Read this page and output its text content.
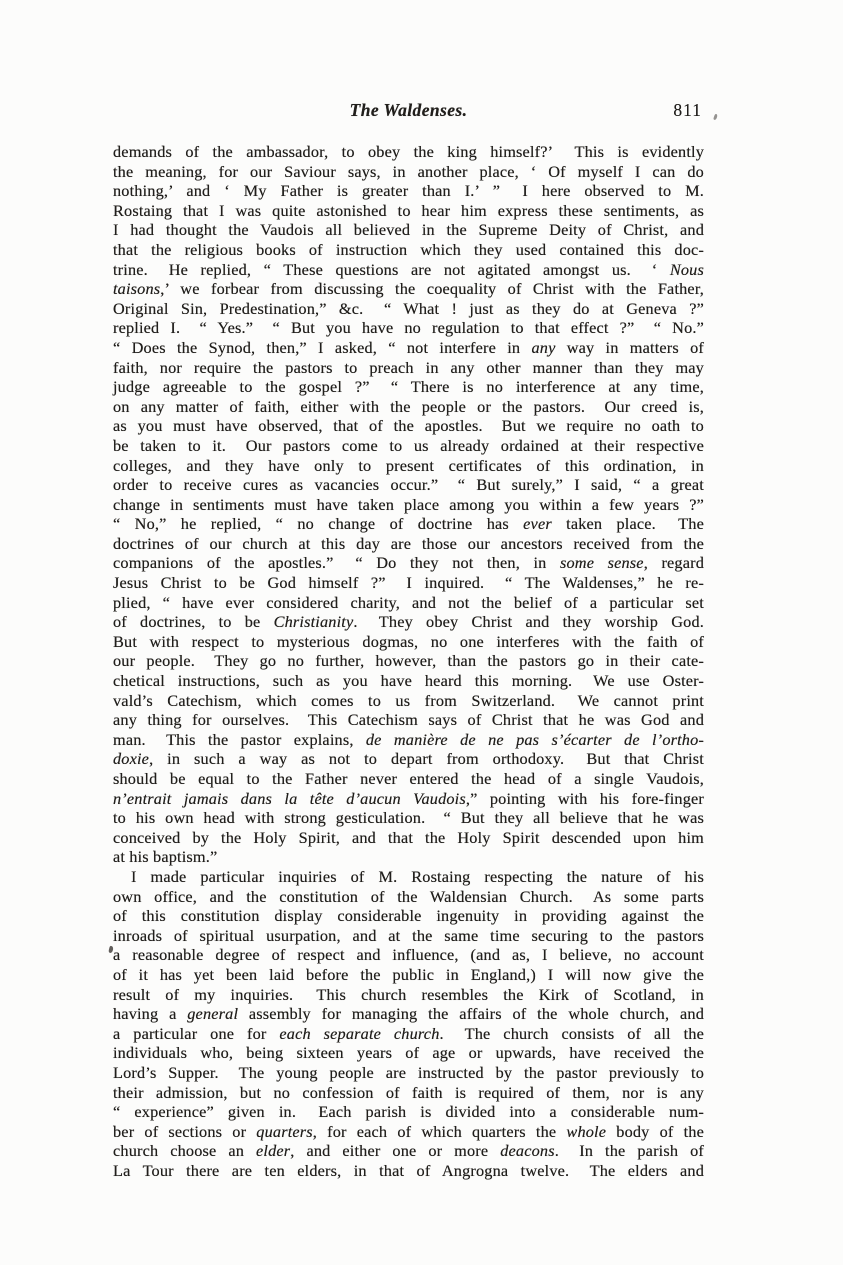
The Waldenses.	811
demands of the ambassador, to obey the king himself?’  This is evidently
the meaning, for our Saviour says, in another place, ‘ Of myself I can do
nothing,’ and ‘ My Father is greater than I.’ ”  I here observed to M.
Rostaing that I was quite astonished to hear him express these sentiments, as
I had thought the Vaudois all believed in the Supreme Deity of Christ, and
that the religious books of instruction which they used contained this doc-
trine.  He replied, “ These questions are not agitated amongst us.  ‘ Nous
taisons,’ we forbear from discussing the coequality of Christ with the Father,
Original Sin, Predestination,” &c.  “ What ! just as they do at Geneva ?”
replied I.  “ Yes.”  “ But you have no regulation to that effect ?”  “ No.”
“ Does the Synod, then,” I asked, “ not interfere in any way in matters of
faith, nor require the pastors to preach in any other manner than they may
judge agreeable to the gospel ?”  “ There is no interference at any time,
on any matter of faith, either with the people or the pastors.  Our creed is,
as you must have observed, that of the apostles.  But we require no oath to
be taken to it.  Our pastors come to us already ordained at their respective
colleges, and they have only to present certificates of this ordination, in
order to receive cures as vacancies occur.”  “ But surely,” I said, “ a great
change in sentiments must have taken place among you within a few years ?”
“ No,” he replied, “ no change of doctrine has ever taken place.  The
doctrines of our church at this day are those our ancestors received from the
companions of the apostles.”  “ Do they not then, in some sense, regard
Jesus Christ to be God himself ?”  I inquired.  “ The Waldenses,” he re-
plied, “ have ever considered charity, and not the belief of a particular set
of doctrines, to be Christianity.  They obey Christ and they worship God.
But with respect to mysterious dogmas, no one interferes with the faith of
our people.  They go no further, however, than the pastors go in their cate-
chetical instructions, such as you have heard this morning.  We use Oster-
vald’s Catechism, which comes to us from Switzerland.  We cannot print
any thing for ourselves.  This Catechism says of Christ that he was God and
man.  This the pastor explains, de manière de ne pas s’écarter de l’ortho-
doxie, in such a way as not to depart from orthodoxy.  But that Christ
should be equal to the Father never entered the head of a single Vaudois,
n’entrait jamais dans la tête d’aucun Vaudois,” pointing with his fore-finger
to his own head with strong gesticulation.  “ But they all believe that he was
conceived by the Holy Spirit, and that the Holy Spirit descended upon him
at his baptism.”
I made particular inquiries of M. Rostaing respecting the nature of his
own office, and the constitution of the Waldensian Church.  As some parts
of this constitution display considerable ingenuity in providing against the
inroads of spiritual usurpation, and at the same time securing to the pastors
a reasonable degree of respect and influence, (and as, I believe, no account
of it has yet been laid before the public in England,) I will now give the
result of my inquiries.  This church resembles the Kirk of Scotland, in
having a general assembly for managing the affairs of the whole church, and
a particular one for each separate church.  The church consists of all the
individuals who, being sixteen years of age or upwards, have received the
Lord’s Supper.  The young people are instructed by the pastor previously to
their admission, but no confession of faith is required of them, nor is any
“ experience” given in.  Each parish is divided into a considerable num-
ber of sections or quarters, for each of which quarters the whole body of the
church choose an elder, and either one or more deacons.  In the parish of
La Tour there are ten elders, in that of Angrogna twelve.  The elders and
